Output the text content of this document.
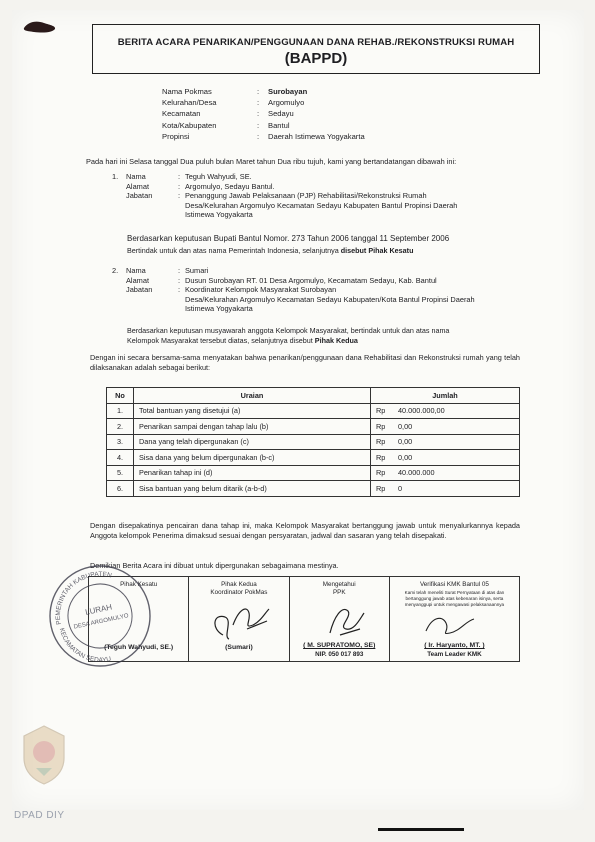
BERITA ACARA PENARIKAN/PENGGUNAAN DANA REHAB./REKONSTRUKSI RUMAH
(BAPPD)
Nama Pokmas	:	Surobayan
Kelurahan/Desa	:	Argomulyo
Kecamatan	:	Sedayu
Kota/Kabupaten	:	Bantul
Propinsi	:	Daerah Istimewa Yogyakarta
Pada hari ini Selasa tanggal Dua puluh bulan Maret tahun Dua ribu tujuh, kami yang bertandatangan dibawah ini:
1.	Nama	: Teguh Wahyudi, SE.
Alamat	: Argomulyo, Sedayu Bantul.
Jabatan	: Penanggung Jawab Pelaksanaan (PJP) Rehabilitasi/Rekonstruksi Rumah
Desa/Kelurahan Argomulyo Kecamatan Sedayu Kabupaten Bantul Propinsi Daerah
Istimewa Yogyakarta
Berdasarkan keputusan Bupati Bantul Nomor. 273 Tahun 2006 tanggal 11 September 2006
Bertindak untuk dan atas nama Pemerintah Indonesia, selanjutnya disebut Pihak Kesatu
2.	Nama	: Sumari
Alamat	: Dusun Surobayan RT. 01 Desa Argomulyo, Kecamatam Sedayu, Kab. Bantul
Jabatan	: Koordinator Kelompok Masyarakat Surobayan
Desa/Kelurahan Argomulyo Kecamatan Sedayu Kabupaten/Kota Bantul Propinsi Daerah
Istimewa Yogyakarta
Berdasarkan keputusan musyawarah anggota Kelompok Masyarakat, bertindak untuk dan atas nama
Kelompok Masyarakat tersebut diatas, selanjutnya disebut Pihak Kedua
Dengan ini secara bersama-sama menyatakan bahwa penarikan/penggunaan dana Rehabilitasi dan Rekonstruksi rumah yang telah dilaksanakan adalah sebagai berikut:
No	Uraian	Jumlah
1.	Total bantuan yang disetujui (a)	Rp 40.000.000,00

2.	Penarikan sampai dengan tahap lalu (b)	Rp 0,00

3.	Dana yang telah dipergunakan (c)	Rp 0,00

4.	Sisa dana yang belum dipergunakan (b-c)	Rp 0,00

5.	Penarikan tahap ini (d)	Rp 40.000.000

6.	Sisa bantuan yang belum ditarik (a-b-d)	Rp 0
Dengan disepakatinya pencairan dana tahap ini, maka Kelompok Masyarakat bertanggung jawab untuk menyalurkannya kepada Anggota kelompok Penerima dimaksud sesuai dengan persyaratan, jadwal dan sasaran yang telah disepakati.
Demikian Berita Acara ini dibuat untuk dipergunakan sebagaimana mestinya.
Pihak Kesatu
(Teguh Wahyudi, SE.)
Pihak Kedua
Koordinator PokMas
(Sumari)
Mengetahui
PPK
( M. SUPRATOMO, SE)
NIP. 050 017 893
Verifikasi KMK Bantul 05
Kami telah meneliti Surat Pernyataan di atas dan bertanggung jawab atas kebenaran isinya, serta menyanggupi untuk mengawasi pelaksanaannya
( Ir. Haryanto, MT. )
Team Leader KMK
PEMERINTAH KABUPATEN
KECAMATAN SEDAYU
LURAH
DESA ARGOMULYO
DPAD DIY
